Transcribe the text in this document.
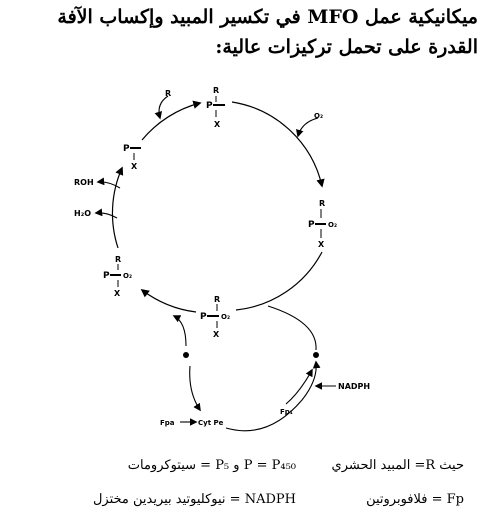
ميكانيكية عمل MFO في تكسير المبيد وإكساب الآفة
القدرة على تحمل تركيزات عالية:
P
R
X
R
O₂
R
P O₂
X
P
X
ROH
H₂O
R
P O₂
X
R
P O₂
X
NADPH
Fpa	Cyt Pe
Fp₁
حيث R= المبيد الحشري
P = P₄₅₀ و P₅ = سيتوكرومات
Fp = فلافوبروتين
NADPH = نيوكليوتيد بيريدين مختزل
